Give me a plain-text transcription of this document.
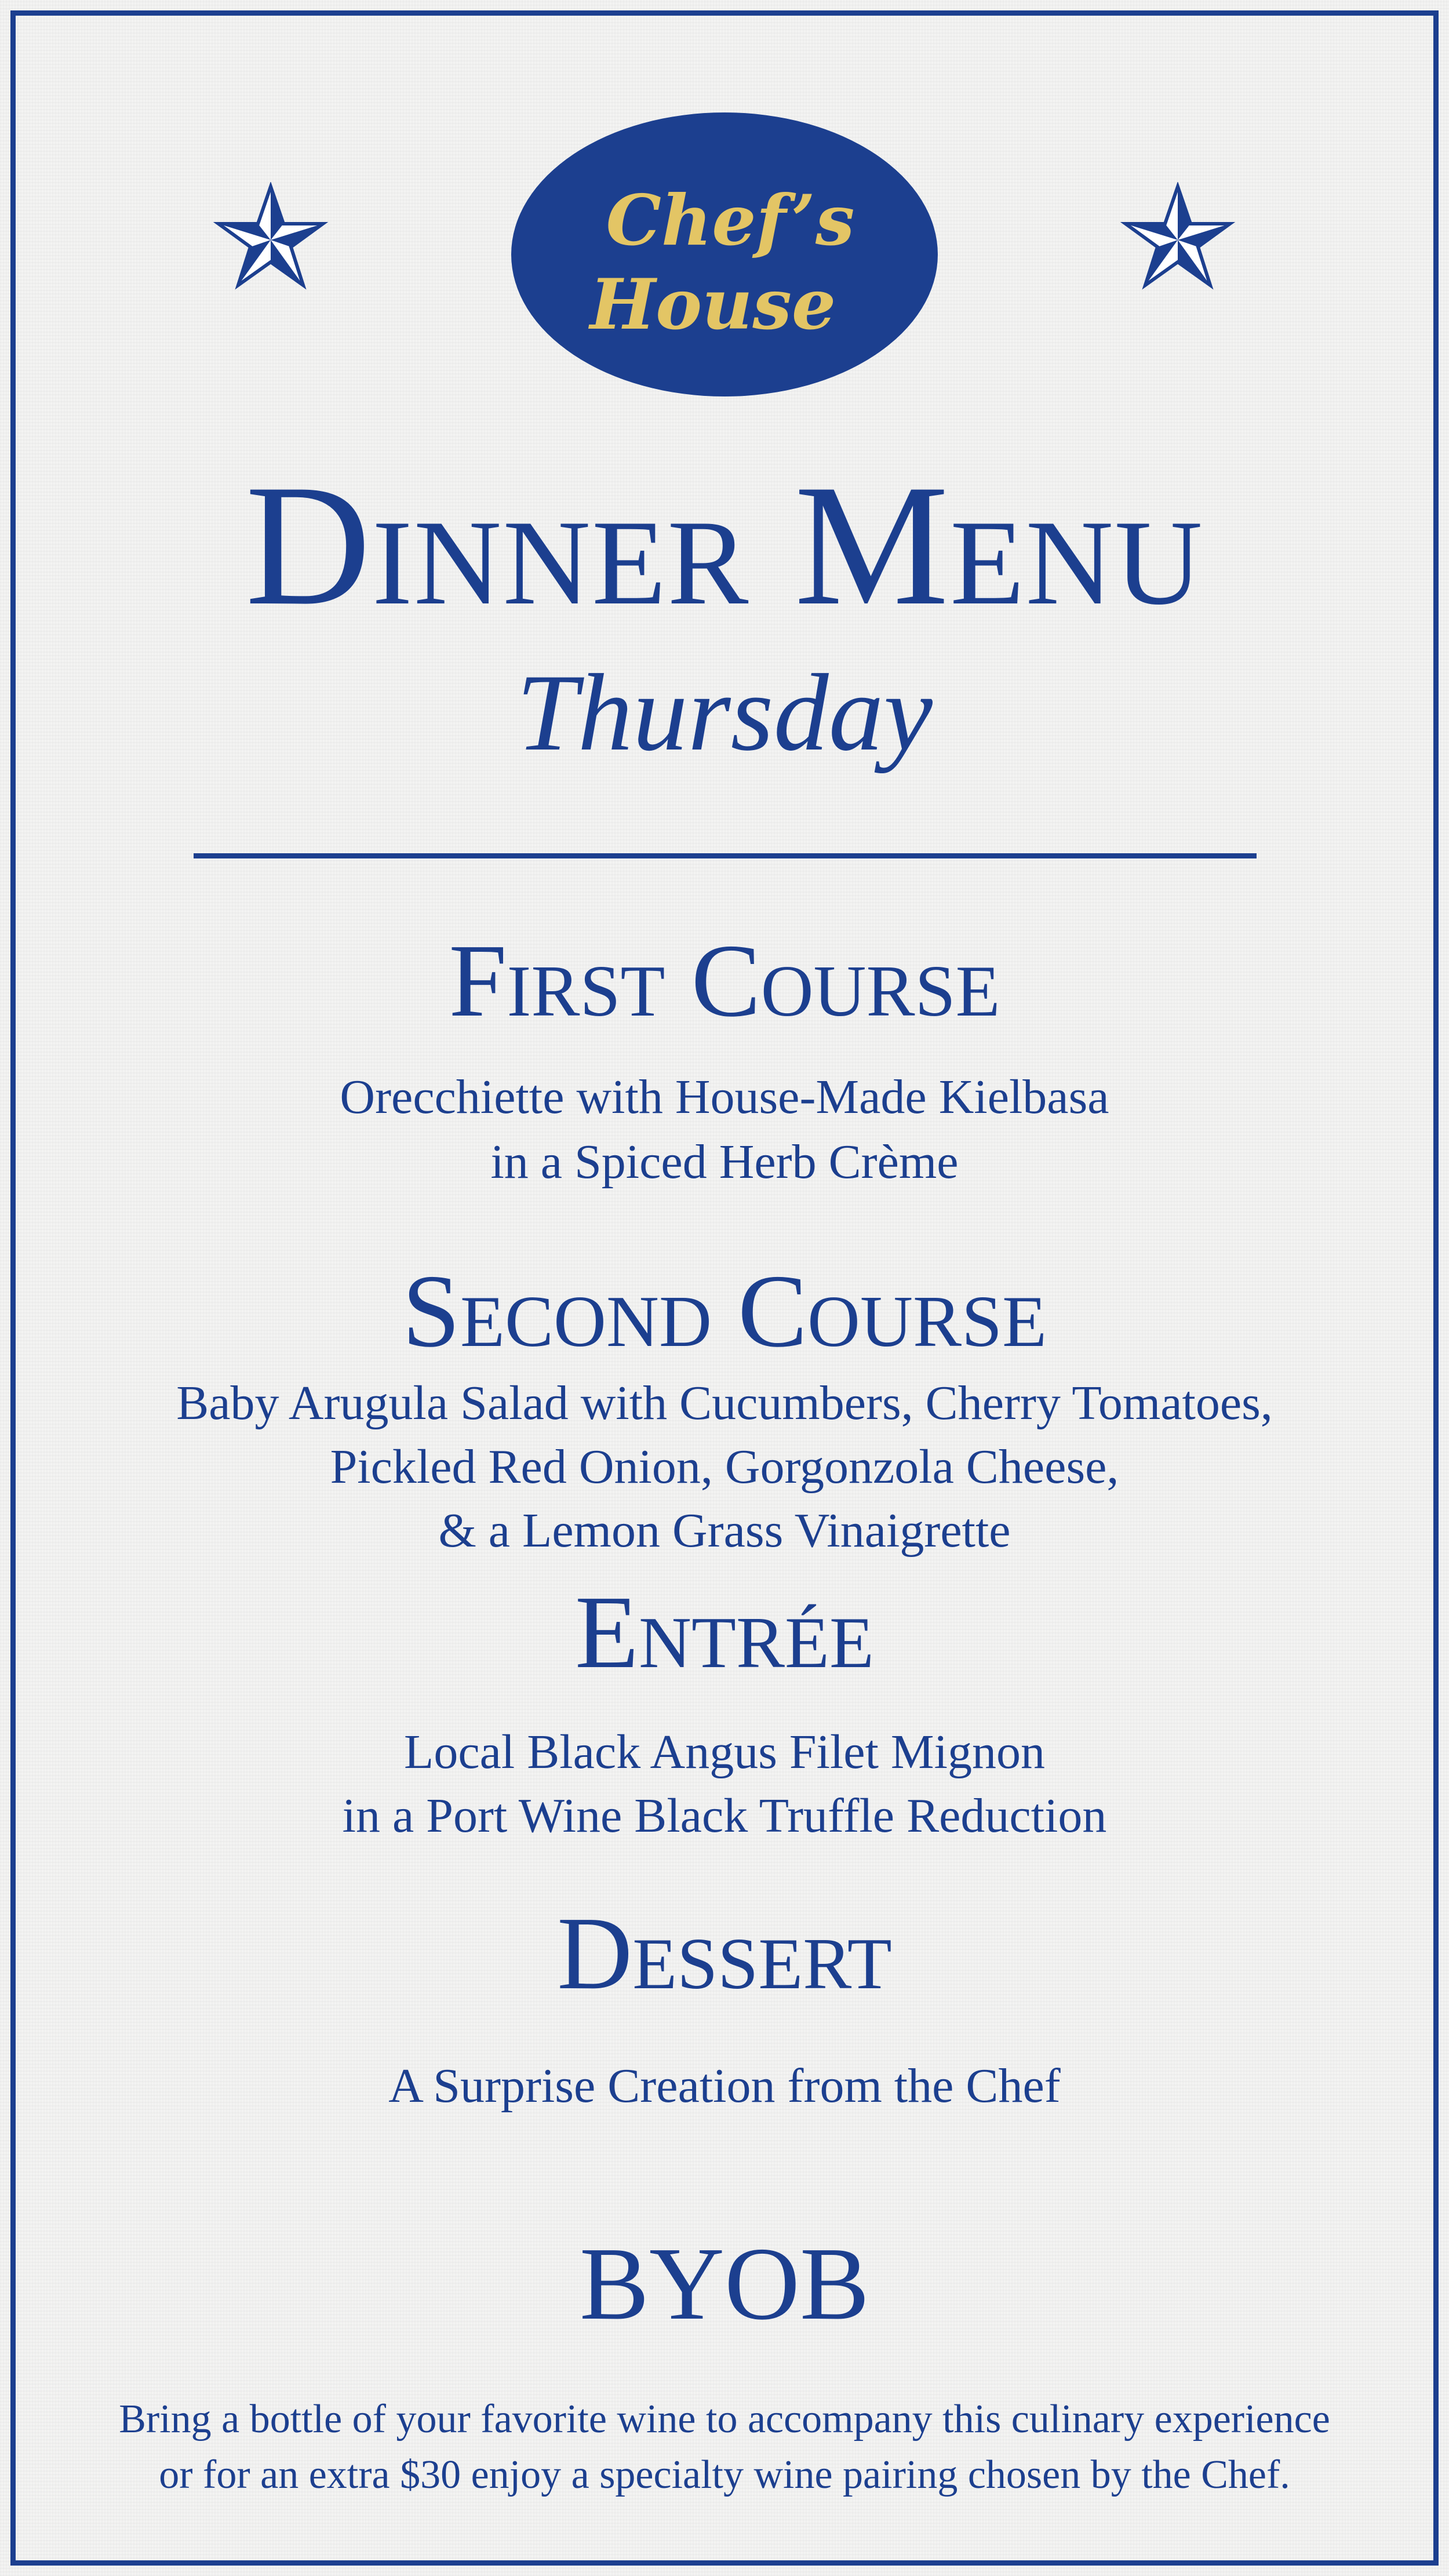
Chef’s
House
Dinner Menu
Thursday
First Course
Orecchiette with House-Made Kielbasa
in a Spiced Herb Crème
Second Course
Baby Arugula Salad with Cucumbers, Cherry Tomatoes,
Pickled Red Onion, Gorgonzola Cheese,
& a Lemon Grass Vinaigrette
Entrée
Local Black Angus Filet Mignon
in a Port Wine Black Truffle Reduction
Dessert
A Surprise Creation from the Chef
BYOB
Bring a bottle of your favorite wine to accompany this culinary experience
or for an extra $30 enjoy a specialty wine pairing chosen by the Chef.
